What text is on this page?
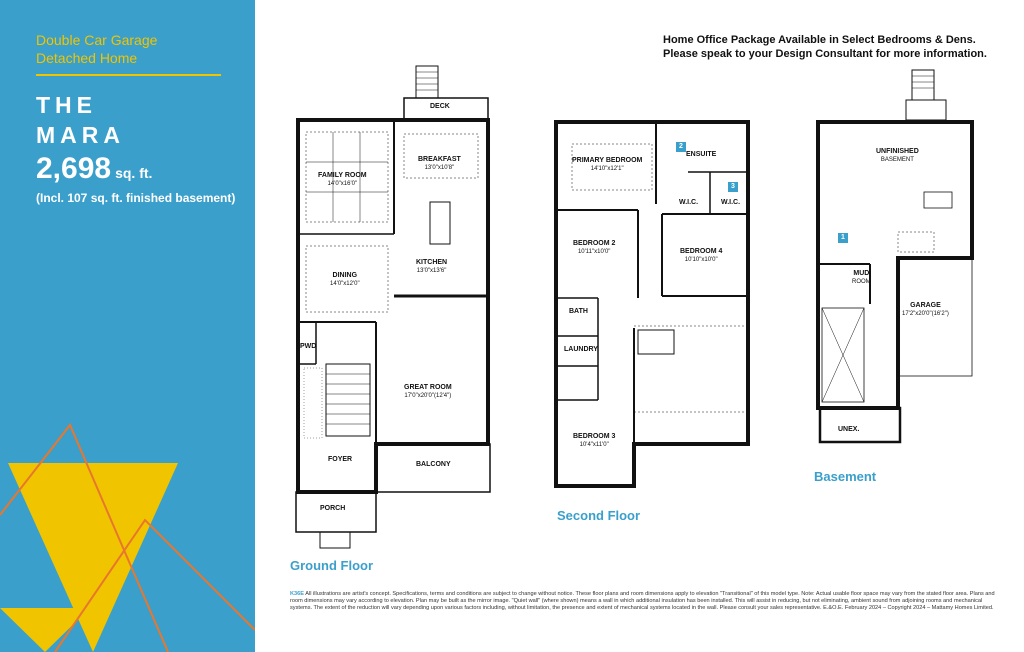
Double Car Garage
Detached Home
THE
MARA
2,698 sq. ft.
(Incl. 107 sq. ft. finished basement)
Home Office Package Available in Select Bedrooms & Dens.
Please speak to your Design Consultant for more information.
DECK
FAMILY ROOM
14'0"x16'0"
BREAKFAST
13'0"x10'8"
DINING
14'0"x12'0"
KITCHEN
13'0"x13'6"
PWD
GREAT ROOM
17'0"x20'0"(12'4")
FOYER
BALCONY
PORCH
Ground Floor
PRIMARY BEDROOM
14'10"x12'1"
2
ENSUITE
W.I.C.
3
W.I.C.
BEDROOM 2
10'11"x10'0"	BEDROOM 4
10'10"x10'0"
BATH
LAUNDRY
BEDROOM 3
10'4"x11'0"
Second Floor
UNFINISHED
BASEMENT
1
MUD
ROOM
GARAGE
17'2"x20'0"(16'2")
UNEX.
Basement
K36E All illustrations are artist's concept. Specifications, terms and conditions are subject to change without notice. These floor plans and room dimensions apply to elevation "Transitional" of this model type. Note: Actual usable floor space may vary from the stated floor area. Plans and room dimensions may vary according to elevation. Plan may be built as the mirror image. "Quiet wall" (where shown) means a wall in which additional insulation has been installed. This will assist in reducing, but not eliminating, ambient sound from adjoining rooms and mechanical systems. The extent of the reduction will vary depending upon various factors including, without limitation, the presence and extent of mechanical systems located in the wall. Please consult your sales representative. E.&O.E. February 2024 – Copyright 2024 – Mattamy Homes Limited.
